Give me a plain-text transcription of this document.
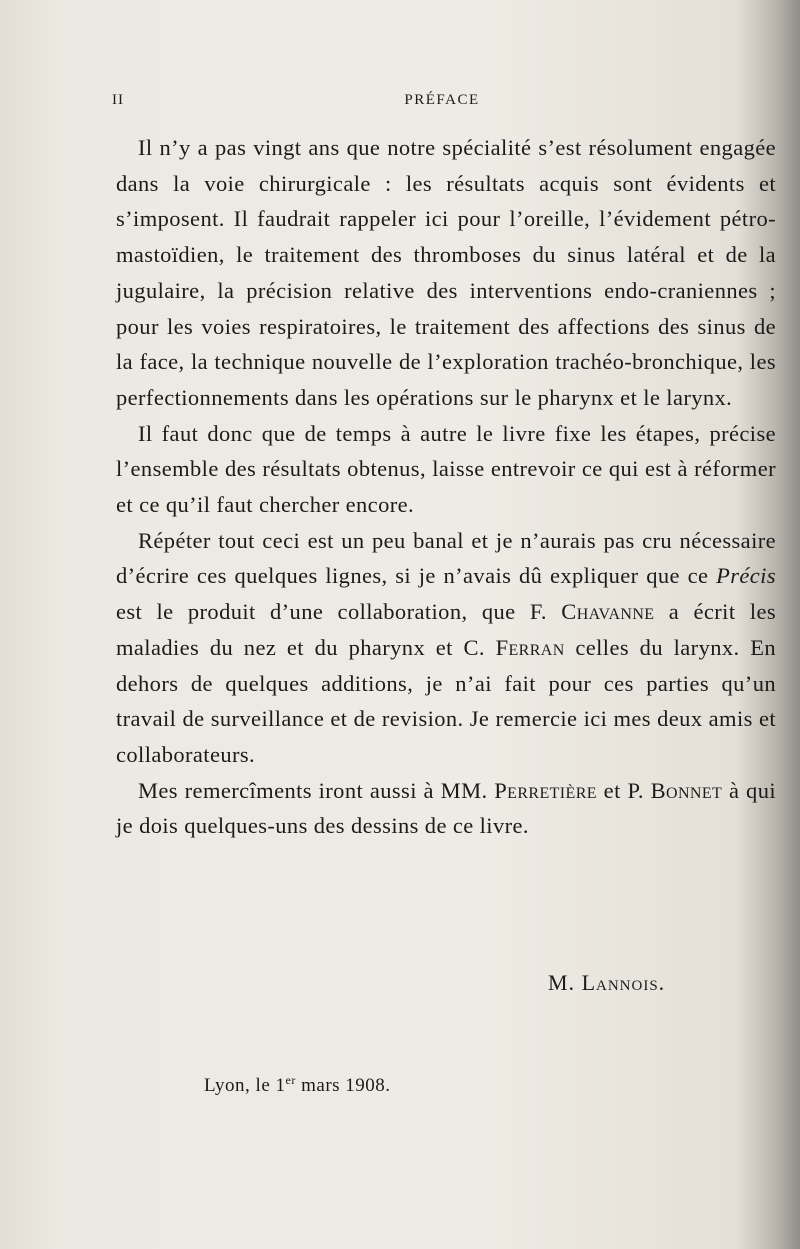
II	PRÉFACE

Il n’y a pas vingt ans que notre spécialité s’est résolument engagée dans la voie chirurgicale : les résultats acquis sont évidents et s’imposent. Il faudrait rappeler ici pour l’oreille, l’évidement pétro-mastoïdien, le traitement des thromboses du sinus latéral et de la jugulaire, la précision relative des interventions endo-craniennes ; pour les voies respiratoires, le traitement des affections des sinus de la face, la technique nouvelle de l’exploration trachéo-bronchique, les perfectionnements dans les opérations sur le pharynx et le larynx.

Il faut donc que de temps à autre le livre fixe les étapes, précise l’ensemble des résultats obtenus, laisse entrevoir ce qui est à réformer et ce qu’il faut chercher encore.

Répéter tout ceci est un peu banal et je n’aurais pas cru nécessaire d’écrire ces quelques lignes, si je n’avais dû expliquer que ce Précis est le produit d’une collaboration, que F. Chavanne a écrit les maladies du nez et du pharynx et C. Ferran celles du larynx. En dehors de quelques additions, je n’ai fait pour ces parties qu’un travail de surveillance et de revision. Je remercie ici mes deux amis et collaborateurs.

Mes remercîments iront aussi à MM. Perretière et P. Bonnet à qui je dois quelques-uns des dessins de ce livre.

M. Lannois.
Lyon, le 1er mars 1908.
